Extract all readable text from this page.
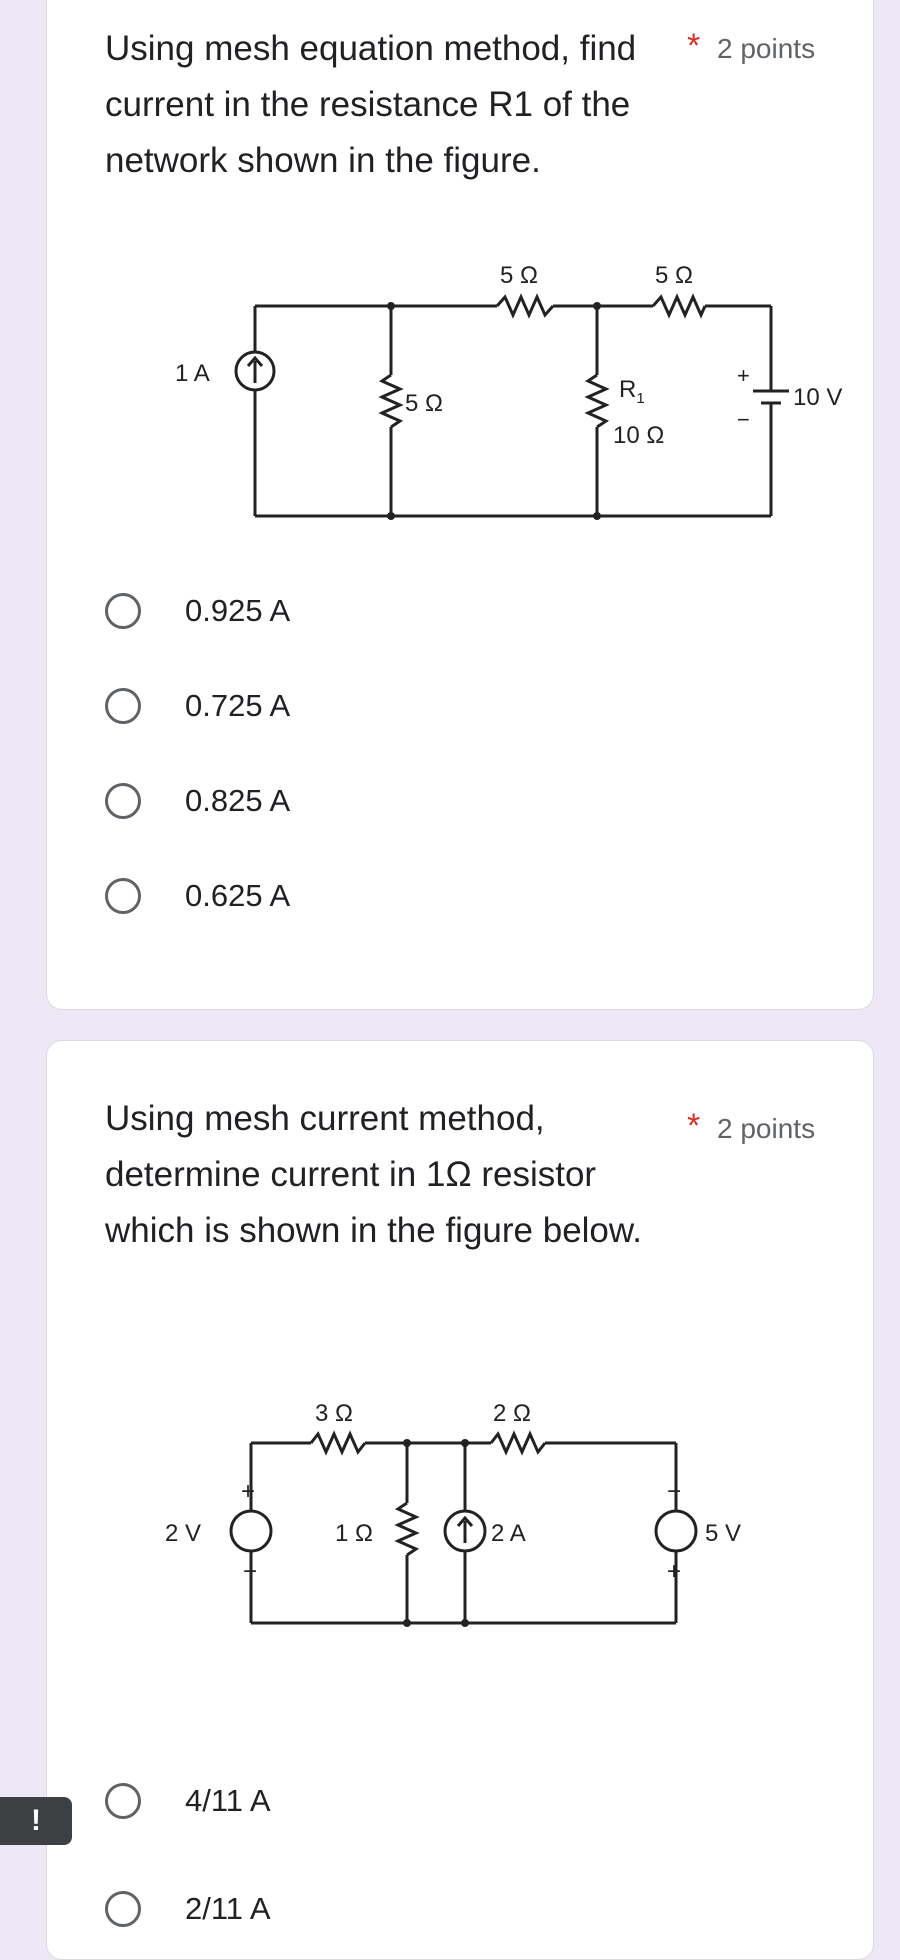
Using mesh equation method, find current in the resistance R1 of the network shown in the figure.
* 2 points
1 A
5 Ω
5 Ω	5 Ω
$R_1$
10 Ω
+
−
10 V
0.925 A
0.725 A
0.825 A
0.625 A
Using mesh current method, determine current in 1Ω resistor which is shown in the figure below.
* 2 points
+
−
2 V
3 Ω	2 Ω
1 Ω	2 A
−
+
5 V
4/11 A
2/11 A
!
